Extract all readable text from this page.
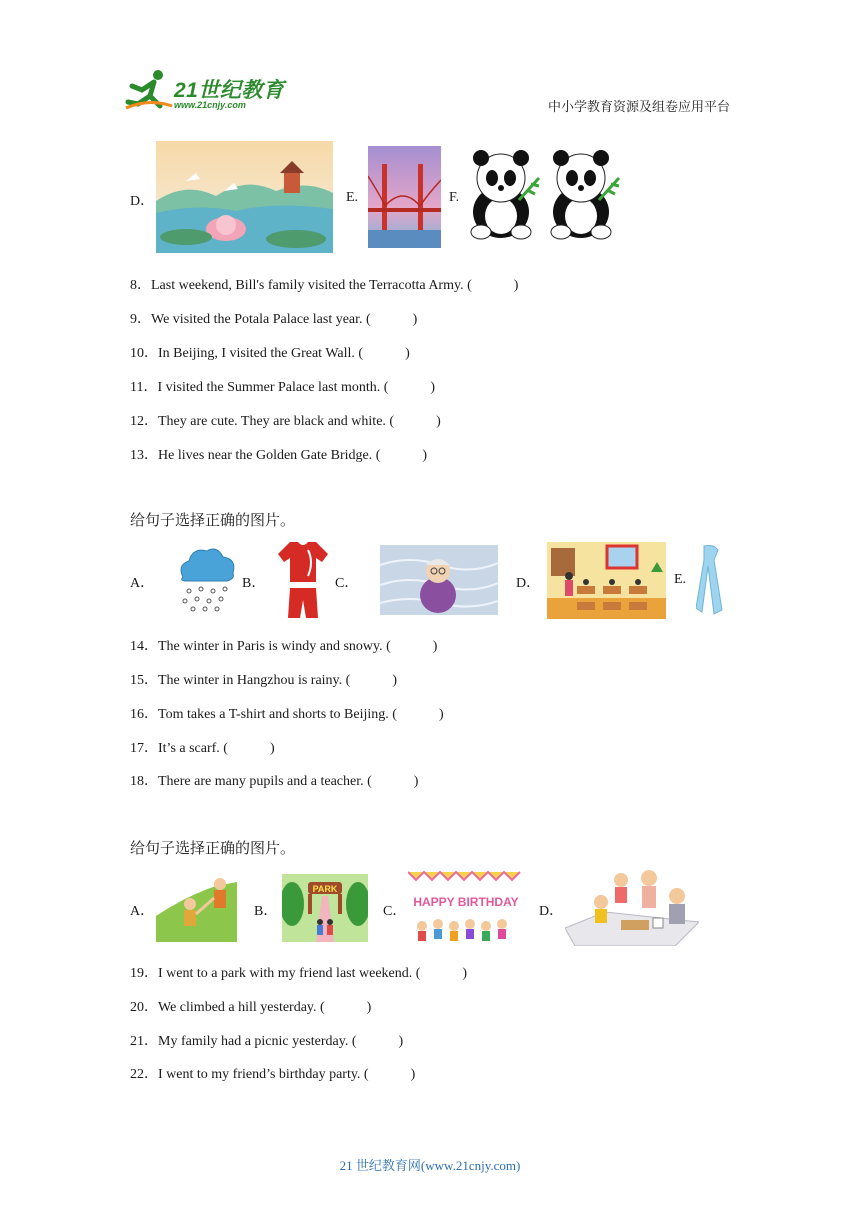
21世纪教育
www.21cnjy.com	中小学教育资源及组卷应用平台
D．	E.	F.
8．Last weekend, Bill's family visited the Terracotta Army. (　　　)
9．We visited the Potala Palace last year. (　　　)
10．In Beijing, I visited the Great Wall. (　　　)
11．I visited the Summer Palace last month. (　　　)
12．They are cute. They are black and white. (　　　)
13．He lives near the Golden Gate Bridge. (　　　)
给句子选择正确的图片。
A．	B．	C．	D．	E.
14．The winter in Paris is windy and snowy. (　　　)
15．The winter in Hangzhou is rainy. (　　　)
16．Tom takes a T-shirt and shorts to Beijing. (　　　)
17．It’s a scarf. (　　　)
18．There are many pupils and a teacher. (　　　)
给句子选择正确的图片。
A．	B．
PARK
C．
HAPPY BIRTHDAY
D．
19．I went to a park with my friend last weekend. (　　　)
20．We climbed a hill yesterday. (　　　)
21．My family had a picnic yesterday. (　　　)
22．I went to my friend’s birthday party. (　　　)
21 世纪教育网(www.21cnjy.com)
